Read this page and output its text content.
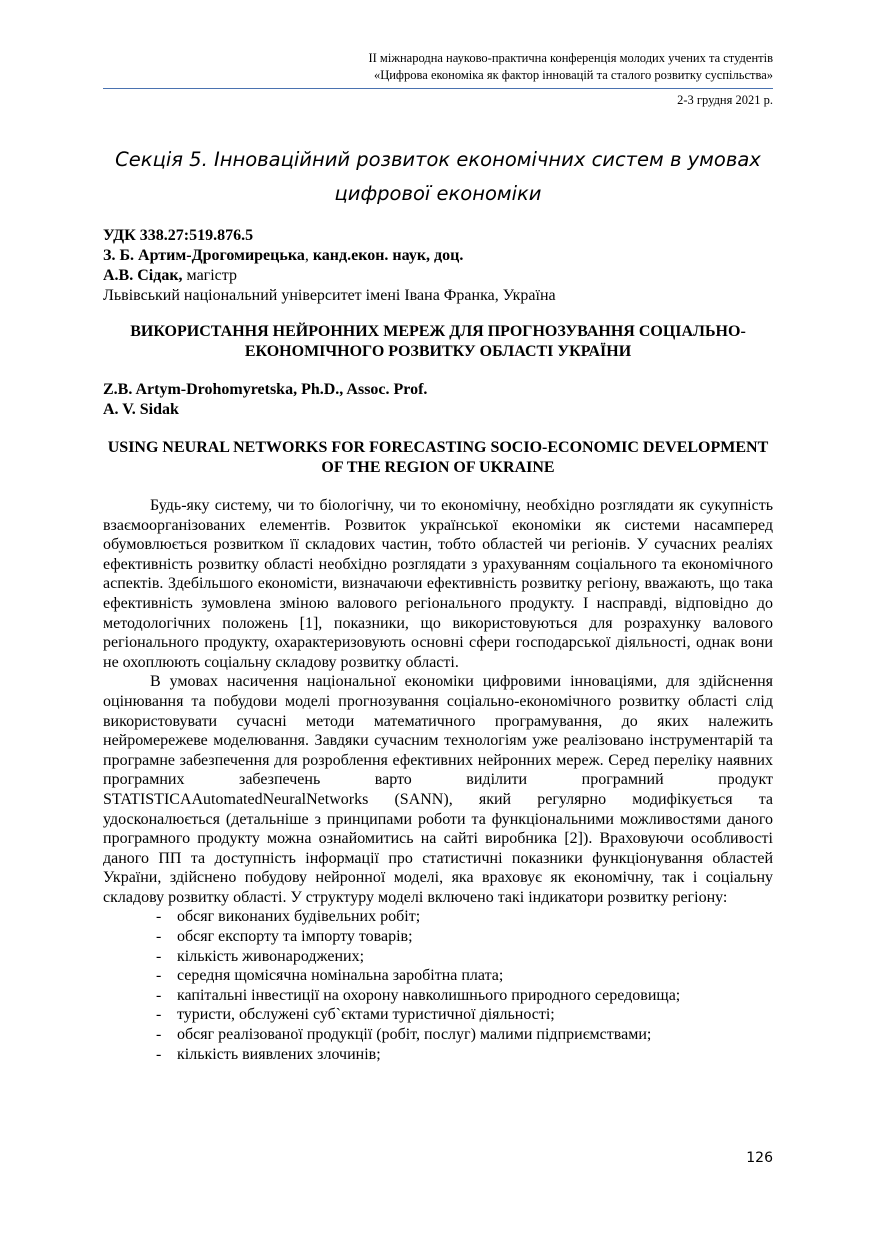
ІІ міжнародна науково-практична конференція молодих учених та студентів
«Цифрова економіка як фактор інновацій та сталого розвитку суспільства»
2-3 грудня 2021 р.
Секція 5. Інноваційний розвиток економічних систем в умовах цифрової економіки
УДК 338.27:519.876.5
З. Б. Артим-Дрогомирецька, канд.екон. наук, доц.
А.В. Сідак, магістр
Львівський національний університет імені Івана Франка, Україна
ВИКОРИСТАННЯ НЕЙРОННИХ МЕРЕЖ ДЛЯ ПРОГНОЗУВАННЯ СОЦІАЛЬНО-ЕКОНОМІЧНОГО РОЗВИТКУ ОБЛАСТІ УКРАЇНИ
Z.B. Artym-Drohomyretska, Ph.D., Assoc. Prof.
A. V. Sidak
USING NEURAL NETWORKS FOR FORECASTING SOCIO-ECONOMIC DEVELOPMENT OF THE REGION OF UKRAINE

Будь-яку систему, чи то біологічну, чи то економічну, необхідно розглядати як сукупність взаємоорганізованих елементів. Розвиток української економіки як системи насамперед обумовлюється розвитком її складових частин, тобто областей чи регіонів. У сучасних реаліях ефективність розвитку області необхідно розглядати з урахуванням соціального та економічного аспектів. Здебільшого економісти, визначаючи ефективність розвитку регіону, вважають, що така ефективність зумовлена зміною валового регіонального продукту. І насправді, відповідно до методологічних положень [1], показники, що використовуються для розрахунку валового регіонального продукту, охарактеризовують основні сфери господарської діяльності, однак вони не охоплюють соціальну складову розвитку області.

В умовах насичення національної економіки цифровими інноваціями, для здійснення оцінювання та побудови моделі прогнозування соціально-економічного розвитку області слід використовувати сучасні методи математичного програмування, до яких належить нейромережеве моделювання. Завдяки сучасним технологіям уже реалізовано інструментарій та програмне забезпечення для розроблення ефективних нейронних мереж. Серед переліку наявних програмних забезпечень варто виділити програмний продукт STATISTICAAutomatedNeuralNetworks (SANN), який регулярно модифікується та удосконалюється (детальніше з принципами роботи та функціональними можливостями даного програмного продукту можна ознайомитись на сайті виробника [2]). Враховуючи особливості даного ПП та доступність інформації про статистичні показники функціонування областей України, здійснено побудову нейронної моделі, яка враховує як економічну, так і соціальну складову розвитку області. У структуру моделі включено такі індикатори розвитку регіону:

- обсяг виконаних будівельних робіт;
- обсяг експорту та імпорту товарів;
- кількість живонароджених;
- середня щомісячна номінальна заробітна плата;
- капітальні інвестиції на охорону навколишнього природного середовища;
- туристи, обслужені суб`єктами туристичної діяльності;
- обсяг реалізованої продукції (робіт, послуг) малими підприємствами;
- кількість виявлених злочинів;
126
